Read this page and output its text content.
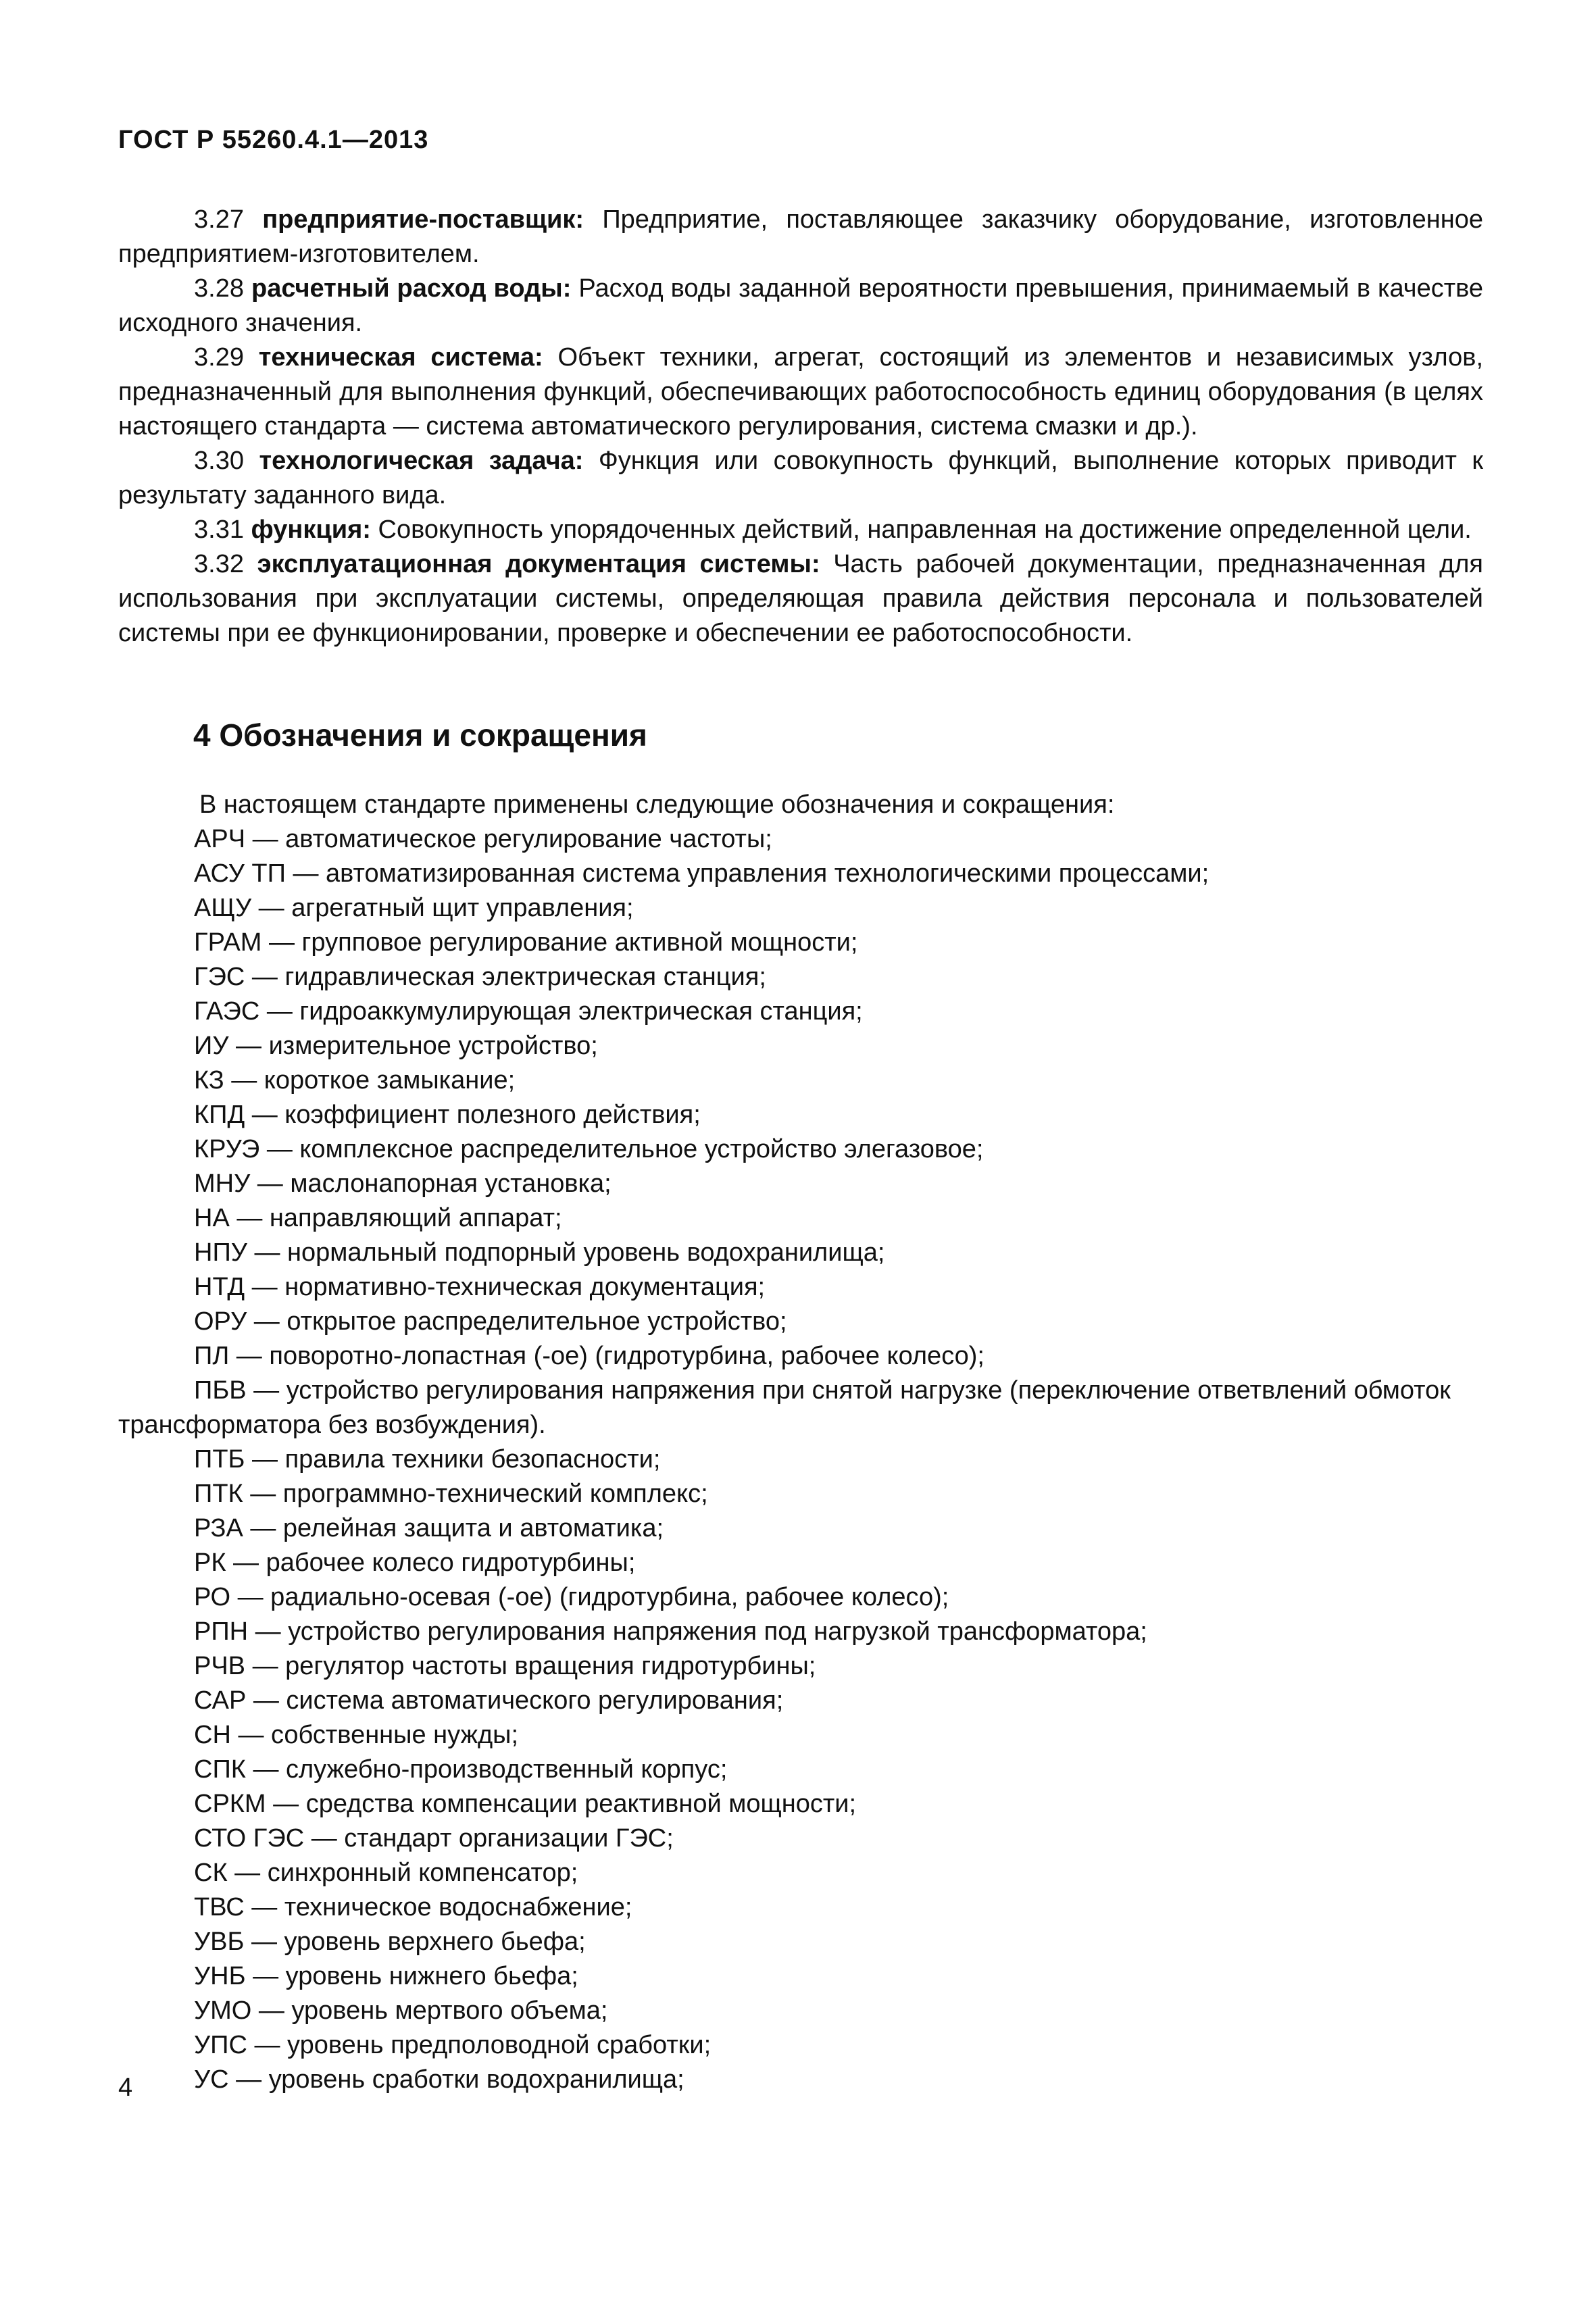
ГОСТ Р 55260.4.1—2013

3.27 предприятие-поставщик: Предприятие, поставляющее заказчику оборудование, изготовленное предприятием-изготовителем.

3.28 расчетный расход воды: Расход воды заданной вероятности превышения, принимаемый в качестве исходного значения.

3.29 техническая система: Объект техники, агрегат, состоящий из элементов и независимых узлов, предназначенный для выполнения функций, обеспечивающих работоспособность единиц оборудования (в целях настоящего стандарта — система автоматического регулирования, система смазки и др.).

3.30 технологическая задача: Функция или совокупность функций, выполнение которых приводит к результату заданного вида.

3.31 функция: Совокупность упорядоченных действий, направленная на достижение определенной цели.

3.32 эксплуатационная документация системы: Часть рабочей документации, предназначенная для использования при эксплуатации системы, определяющая правила действия персонала и пользователей системы при ее функционировании, проверке и обеспечении ее работоспособности.

4 Обозначения и сокращения

В настоящем стандарте применены следующие обозначения и сокращения:

АРЧ — автоматическое регулирование частоты;

АСУ ТП — автоматизированная система управления технологическими процессами;

АЩУ — агрегатный щит управления;

ГРАМ — групповое регулирование активной мощности;

ГЭС — гидравлическая электрическая станция;

ГАЭС — гидроаккумулирующая электрическая станция;

ИУ — измерительное устройство;

КЗ — короткое замыкание;

КПД — коэффициент полезного действия;

КРУЭ — комплексное распределительное устройство элегазовое;

МНУ — маслонапорная установка;

НА — направляющий аппарат;

НПУ — нормальный подпорный уровень водохранилища;

НТД — нормативно-техническая документация;

ОРУ — открытое распределительное устройство;

ПЛ — поворотно-лопастная (-ое) (гидротурбина, рабочее колесо);

ПБВ — устройство регулирования напряжения при снятой нагрузке (переключение ответвлений обмоток трансформатора без возбуждения).

ПТБ — правила техники безопасности;

ПТК — программно-технический комплекс;

РЗА — релейная защита и автоматика;

РК — рабочее колесо гидротурбины;

РО — радиально-осевая (-ое) (гидротурбина, рабочее колесо);

РПН — устройство регулирования напряжения под нагрузкой трансформатора;

РЧВ — регулятор частоты вращения гидротурбины;

САР — система автоматического регулирования;

СН — собственные нужды;

СПК — служебно-производственный корпус;

СРКМ — средства компенсации реактивной мощности;

СТО ГЭС — стандарт организации ГЭС;

СК — синхронный компенсатор;

ТВС — техническое водоснабжение;

УВБ — уровень верхнего бьефа;

УНБ — уровень нижнего бьефа;

УМО — уровень мертвого объема;

УПС — уровень предполоводной сработки;

УС — уровень сработки водохранилища;

4
